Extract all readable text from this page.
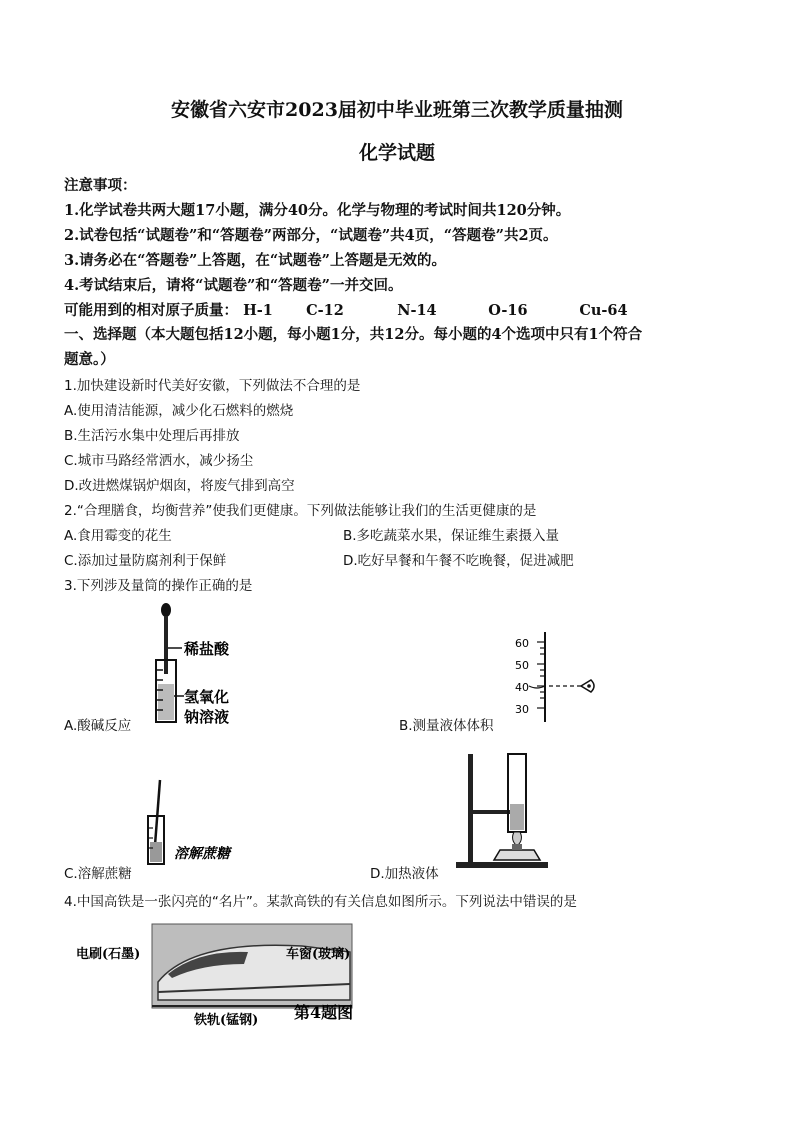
安徽省六安市2023届初中毕业班第三次教学质量抽测
化学试题
注意事项：
1.化学试卷共两大题17小题，满分40分。化学与物理的考试时间共120分钟。
2.试卷包括“试题卷”和“答题卷”两部分，“试题卷”共4页，“答题卷”共2页。
3.请务必在“答题卷”上答题，在“试题卷”上答题是无效的。
4.考试结束后，请将“试题卷”和“答题卷”一并交回。
可能用到的相对原子质量： H-1 C-12	N-14	O-16	Cu-64
一、选择题（本大题包括12小题，每小题1分，共12分。每小题的4个选项中只有1个符合
题意。）
1.加快建设新时代美好安徽，下列做法不合理的是
A.使用清洁能源，减少化石燃料的燃烧
B.生活污水集中处理后再排放
C.城市马路经常洒水，减少扬尘
D.改进燃煤锅炉烟囱，将废气排到高空
2.“合理膳食，均衡营养”使我们更健康。下列做法能够让我们的生活更健康的是
A.食用霉变的花生	B.多吃蔬菜水果，保证维生素摄入量
C.添加过量防腐剂利于保鲜	D.吃好早餐和午餐不吃晚餐，促进减肥
3.下列涉及量筒的操作正确的是
稀盐酸
氢氧化
钠溶液
A.酸碱反应
60
50
40
30
B.测量液体体积
溶解蔗糖
C.溶解蔗糖	D.加热液体
4.中国高铁是一张闪亮的“名片”。某款高铁的有关信息如图所示。下列说法中错误的是
电刷(石墨)	车窗(玻璃)
铁轨(锰钢) 第4题图
